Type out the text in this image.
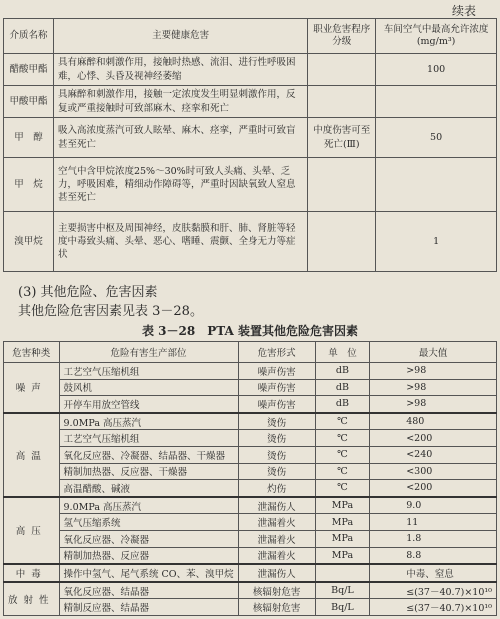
续表
介质名称	主要健康危害	职业危害程序分级	车间空气中最高允许浓度(mg/m³)
醋酸甲酯	具有麻醉和刺激作用，接触时热感、流泪、进行性呼吸困难，心悸、头昏及视神经萎缩		100
甲酸甲酯	具麻醉和刺激作用，接触一定浓度发生明显刺激作用，反复或严重接触时可致部麻木、痉挛和死亡		
甲　醇	吸入高浓度蒸汽可致人眩晕、麻木、痉挛，严重时可致盲甚至死亡	中度伤害可至死亡(Ⅲ)	50
甲　烷	空气中含甲烷浓度25%～30%时可致人头痛、头晕、乏力，呼吸困难，精细动作障碍等，严重时因缺氧致人窒息甚至死亡		
溴甲烷	主要损害中枢及周围神经，皮肤黏膜和肝、肺、肾脏等轻度中毒致头痛、头晕、恶心、嗜睡、震颤、全身无力等症状		1
(3) 其他危险、危害因素
其他危险危害因素见表 3－28。
表 3－28　PTA 装置其他危险危害因素
危害种类	危险有害生产部位	危害形式	单　位	最大值
噪声	工艺空气压缩机组	噪声伤害	dB	>98
	鼓风机	噪声伤害	dB	>98
	开停车用放空管线	噪声伤害	dB	>98
高温	9.0MPa 高压蒸汽	烫伤	℃	480
	工艺空气压缩机组	烫伤	℃	<200
	氧化反应器、冷凝器、结晶器、干燥器	烫伤	℃	<240
	精制加热器、反应器、干燥器	烫伤	℃	<300
	高温醋酸、碱液	灼伤	℃	<200
高压	9.0MPa 高压蒸汽	泄漏伤人	MPa	9.0
	氢气压缩系统	泄漏着火	MPa	11
	氧化反应器、冷凝器	泄漏着火	MPa	1.8
	精制加热器、反应器	泄漏着火	MPa	8.8
中毒	操作中氢气、尾气系统 CO、苯、溴甲烷	泄漏伤人		中毒、窒息
放射性	氧化反应器、结晶器	核辐射危害	Bq/L	≤(37－40.7)×10¹⁰
	精制反应器、结晶器	核辐射危害	Bq/L	≤(37－40.7)×10¹⁰
